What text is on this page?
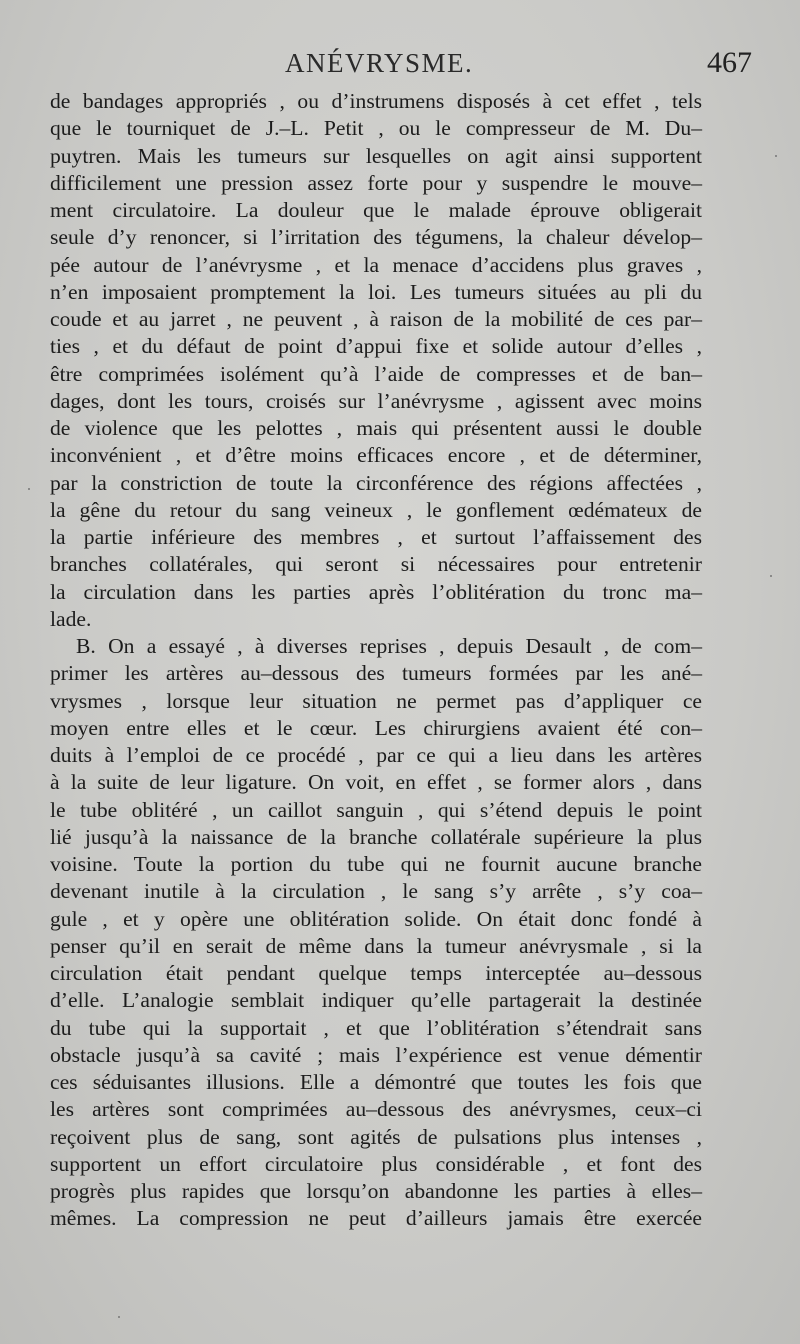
ANÉVRYSME.	467
de bandages appropriés , ou d’instrumens disposés à cet effet , tels
que le tourniquet de J.–L. Petit , ou le compresseur de M. Du–
puytren. Mais les tumeurs sur lesquelles on agit ainsi supportent
difficilement une pression assez forte pour y suspendre le mouve–
ment circulatoire. La douleur que le malade éprouve obligerait
seule d’y renoncer, si l’irritation des tégumens, la chaleur dévelop–
pée autour de l’anévrysme , et la menace d’accidens plus graves ,
n’en imposaient promptement la loi. Les tumeurs situées au pli du
coude et au jarret , ne peuvent , à raison de la mobilité de ces par–
ties , et du défaut de point d’appui fixe et solide autour d’elles ,
être comprimées isolément qu’à l’aide de compresses et de ban–
dages, dont les tours, croisés sur l’anévrysme , agissent avec moins
de violence que les pelottes , mais qui présentent aussi le double
inconvénient , et d’être moins efficaces encore , et de déterminer,
par la constriction de toute la circonférence des régions affectées ,
la gêne du retour du sang veineux , le gonflement œdémateux de
la partie inférieure des membres , et surtout l’affaissement des
branches collatérales, qui seront si nécessaires pour entretenir
la circulation dans les parties après l’oblitération du tronc ma–
lade.
B. On a essayé , à diverses reprises , depuis Desault , de com–
primer les artères au–dessous des tumeurs formées par les ané–
vrysmes , lorsque leur situation ne permet pas d’appliquer ce
moyen entre elles et le cœur. Les chirurgiens avaient été con–
duits à l’emploi de ce procédé , par ce qui a lieu dans les artères
à la suite de leur ligature. On voit, en effet , se former alors , dans
le tube oblitéré , un caillot sanguin , qui s’étend depuis le point
lié jusqu’à la naissance de la branche collatérale supérieure la plus
voisine. Toute la portion du tube qui ne fournit aucune branche
devenant inutile à la circulation , le sang s’y arrête , s’y coa–
gule , et y opère une oblitération solide. On était donc fondé à
penser qu’il en serait de même dans la tumeur anévrysmale , si la
circulation était pendant quelque temps interceptée au–dessous
d’elle. L’analogie semblait indiquer qu’elle partagerait la destinée
du tube qui la supportait , et que l’oblitération s’étendrait sans
obstacle jusqu’à sa cavité ; mais l’expérience est venue démentir
ces séduisantes illusions. Elle a démontré que toutes les fois que
les artères sont comprimées au–dessous des anévrysmes, ceux–ci
reçoivent plus de sang, sont agités de pulsations plus intenses ,
supportent un effort circulatoire plus considérable , et font des
progrès plus rapides que lorsqu’on abandonne les parties à elles–
mêmes. La compression ne peut d’ailleurs jamais être exercée
